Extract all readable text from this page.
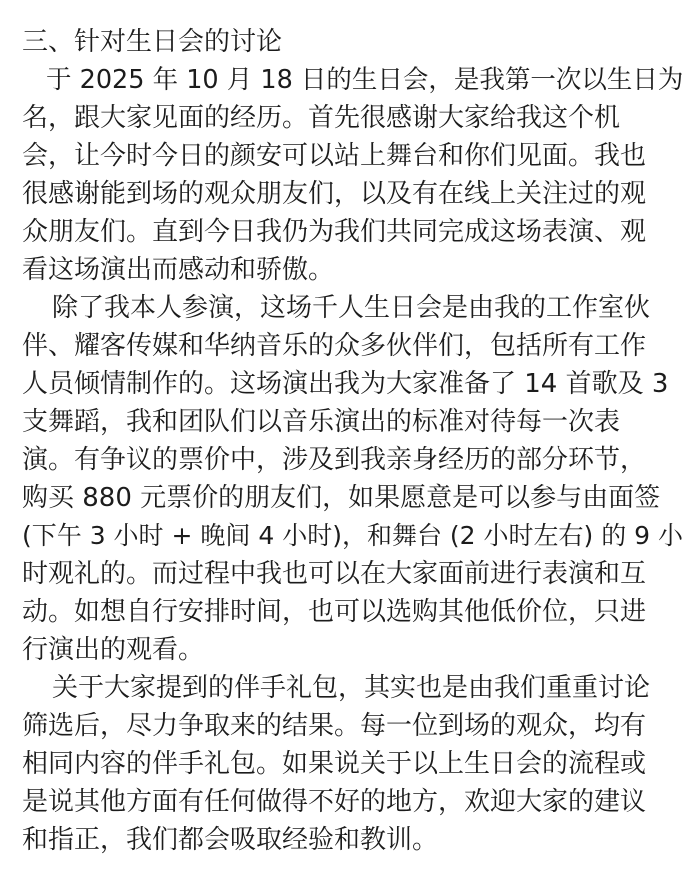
三、针对生日会的讨论
于 2025 年 10 月 18 日的生日会，是我第一次以生日为
名，跟大家见面的经历。首先很感谢大家给我这个机
会，让今时今日的颜安可以站上舞台和你们见面。我也
很感谢能到场的观众朋友们，以及有在线上关注过的观
众朋友们。直到今日我仍为我们共同完成这场表演、观
看这场演出而感动和骄傲。
除了我本人参演，这场千人生日会是由我的工作室伙
伴、耀客传媒和华纳音乐的众多伙伴们，包括所有工作
人员倾情制作的。这场演出我为大家准备了 14 首歌及 3
支舞蹈，我和团队们以音乐演出的标准对待每一次表
演。有争议的票价中，涉及到我亲身经历的部分环节，
购买 880 元票价的朋友们，如果愿意是可以参与由面签
(下午 3 小时 + 晚间 4 小时)，和舞台 (2 小时左右) 的 9 小
时观礼的。而过程中我也可以在大家面前进行表演和互
动。如想自行安排时间，也可以选购其他低价位，只进
行演出的观看。
关于大家提到的伴手礼包，其实也是由我们重重讨论
筛选后，尽力争取来的结果。每一位到场的观众，均有
相同内容的伴手礼包。如果说关于以上生日会的流程或
是说其他方面有任何做得不好的地方，欢迎大家的建议
和指正，我们都会吸取经验和教训。
